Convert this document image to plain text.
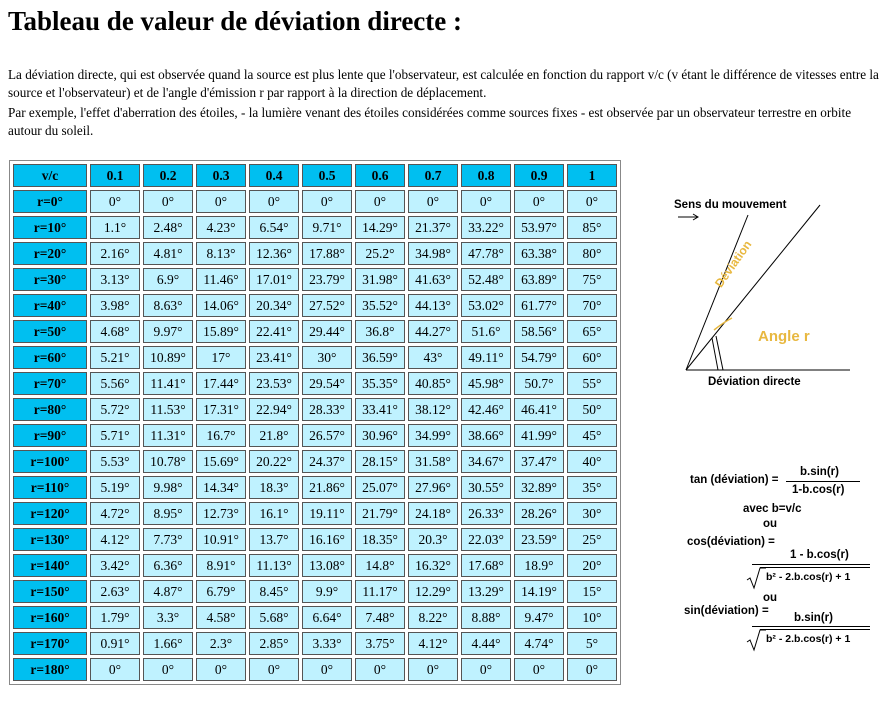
Tableau de valeur de déviation directe :

La déviation directe, qui est observée quand la source est plus lente que l'observateur, est calculée en fonction du rapport v/c (v étant le différence de vitesses entre la source et l'observateur) et de l'angle d'émission r par rapport à la direction de déplacement.

Par exemple, l'effet d'aberration des étoiles, - la lumière venant des étoiles considérées comme sources fixes - est observée par un observateur terrestre en orbite autour du soleil.

v/c	0.1	0.2	0.3	0.4	0.5	0.6	0.7	0.8	0.9	1
r=0°	0°	0°	0°	0°	0°	0°	0°	0°	0°	0°
r=10°	1.1°	2.48°	4.23°	6.54°	9.71°	14.29°	21.37°	33.22°	53.97°	85°
r=20°	2.16°	4.81°	8.13°	12.36°	17.88°	25.2°	34.98°	47.78°	63.38°	80°
r=30°	3.13°	6.9°	11.46°	17.01°	23.79°	31.98°	41.63°	52.48°	63.89°	75°
r=40°	3.98°	8.63°	14.06°	20.34°	27.52°	35.52°	44.13°	53.02°	61.77°	70°
r=50°	4.68°	9.97°	15.89°	22.41°	29.44°	36.8°	44.27°	51.6°	58.56°	65°
r=60°	5.21°	10.89°	17°	23.41°	30°	36.59°	43°	49.11°	54.79°	60°
r=70°	5.56°	11.41°	17.44°	23.53°	29.54°	35.35°	40.85°	45.98°	50.7°	55°
r=80°	5.72°	11.53°	17.31°	22.94°	28.33°	33.41°	38.12°	42.46°	46.41°	50°
r=90°	5.71°	11.31°	16.7°	21.8°	26.57°	30.96°	34.99°	38.66°	41.99°	45°
r=100°	5.53°	10.78°	15.69°	20.22°	24.37°	28.15°	31.58°	34.67°	37.47°	40°
r=110°	5.19°	9.98°	14.34°	18.3°	21.86°	25.07°	27.96°	30.55°	32.89°	35°
r=120°	4.72°	8.95°	12.73°	16.1°	19.11°	21.79°	24.18°	26.33°	28.26°	30°
r=130°	4.12°	7.73°	10.91°	13.7°	16.16°	18.35°	20.3°	22.03°	23.59°	25°
r=140°	3.42°	6.36°	8.91°	11.13°	13.08°	14.8°	16.32°	17.68°	18.9°	20°
r=150°	2.63°	4.87°	6.79°	8.45°	9.9°	11.17°	12.29°	13.29°	14.19°	15°
r=160°	1.79°	3.3°	4.58°	5.68°	6.64°	7.48°	8.22°	8.88°	9.47°	10°
r=170°	0.91°	1.66°	2.3°	2.85°	3.33°	3.75°	4.12°	4.44°	4.74°	5°
r=180°	0°	0°	0°	0°	0°	0°	0°	0°	0°	0°
Sens du mouvement
Déviation
Angle r
Déviation directe
tan (déviation) =
b.sin(r)
1-b.cos(r)
avec b=v/c
ou
cos(déviation) =
1 - b.cos(r)
b² - 2.b.cos(r) + 1
ou
sin(déviation) =
b.sin(r)
b² - 2.b.cos(r) + 1
